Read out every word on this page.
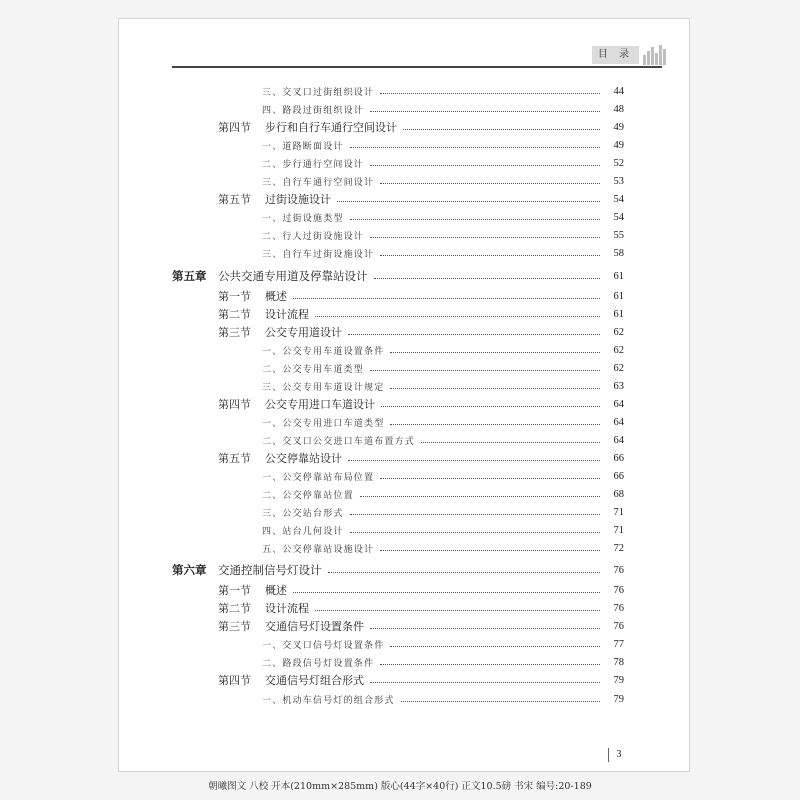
目 录
三、交叉口过街组织设计	44
四、路段过街组织设计	48
第四节 步行和自行车通行空间设计	49
一、道路断面设计	49
二、步行通行空间设计	52
三、自行车通行空间设计	53
第五节 过街设施设计	54
一、过街设施类型	54
二、行人过街设施设计	55
三、自行车过街设施设计	58
第五章 公共交通专用道及停靠站设计	61
第一节 概述	61
第二节 设计流程	61
第三节 公交专用道设计	62
一、公交专用车道设置条件	62
二、公交专用车道类型	62
三、公交专用车道设计规定	63
第四节 公交专用进口车道设计	64
一、公交专用进口车道类型	64
二、交叉口公交进口车道布置方式	64
第五节 公交停靠站设计	66
一、公交停靠站布局位置	66
二、公交停靠站位置	68
三、公交站台形式	71
四、站台几何设计	71
五、公交停靠站设施设计	72
第六章 交通控制信号灯设计	76
第一节 概述	76
第二节 设计流程	76
第三节 交通信号灯设置条件	76
一、交叉口信号灯设置条件	77
二、路段信号灯设置条件	78
第四节 交通信号灯组合形式	79
一、机动车信号灯的组合形式	79
3
朝曦图文 八校 开本(210mm×285mm) 版心(44字×40行) 正文10.5磅 书宋 编号:20-189
